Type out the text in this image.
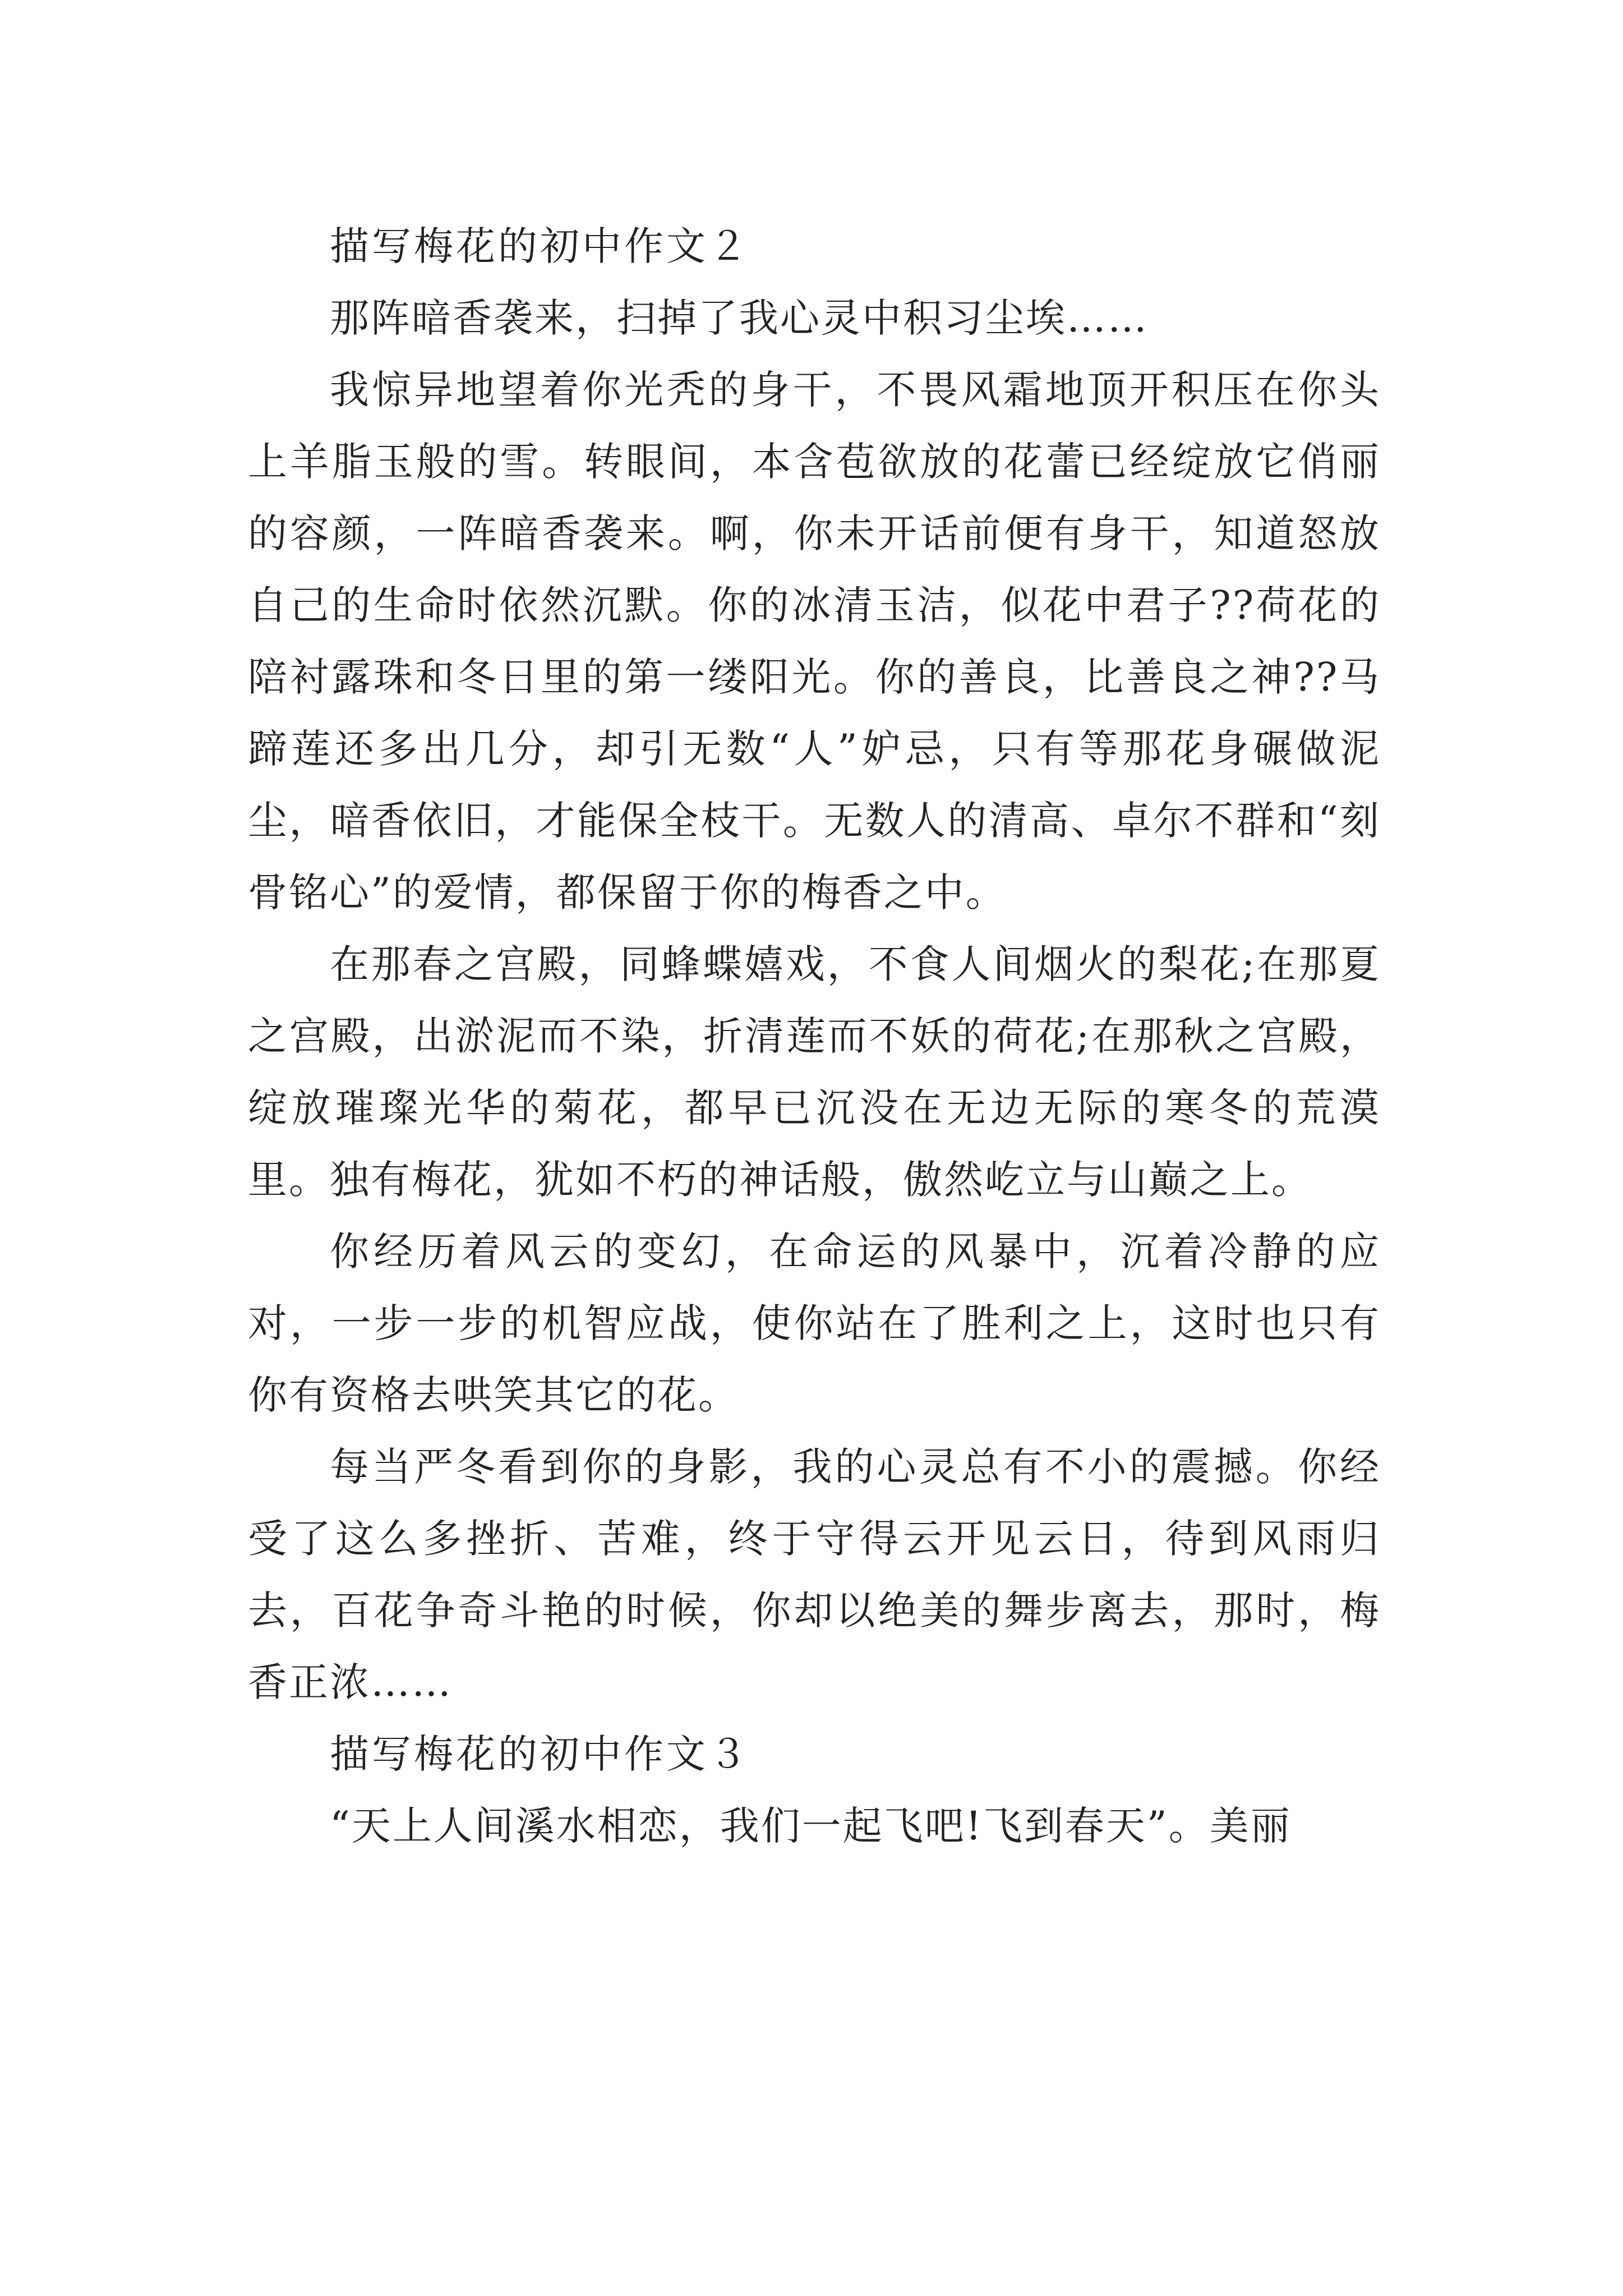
描写梅花的初中作文２

那阵暗香袭来，扫掉了我心灵中积习尘埃……

我惊异地望着你光秃的身干，不畏风霜地顶开积压在你头上羊脂玉般的雪。转眼间，本含苞欲放的花蕾已经绽放它俏丽的容颜，一阵暗香袭来。啊，你未开话前便有身干，知道怒放自己的生命时依然沉默。你的冰清玉洁，似花中君子??荷花的陪衬露珠和冬日里的第一缕阳光。你的善良，比善良之神??马蹄莲还多出几分，却引无数“人”妒忌，只有等那花身碾做泥尘，暗香依旧，才能保全枝干。无数人的清高、卓尔不群和“刻骨铭心”的爱情，都保留于你的梅香之中。

在那春之宫殿，同蜂蝶嬉戏，不食人间烟火的梨花;在那夏之宫殿，出淤泥而不染，折清莲而不妖的荷花;在那秋之宫殿，绽放璀璨光华的菊花，都早已沉没在无边无际的寒冬的荒漠里。独有梅花，犹如不朽的神话般，傲然屹立与山巅之上。

你经历着风云的变幻，在命运的风暴中，沉着冷静的应对，一步一步的机智应战，使你站在了胜利之上，这时也只有你有资格去哄笑其它的花。

每当严冬看到你的身影，我的心灵总有不小的震撼。你经受了这么多挫折、苦难，终于守得云开见云日，待到风雨归去，百花争奇斗艳的时候，你却以绝美的舞步离去，那时，梅香正浓……

描写梅花的初中作文３

“天上人间溪水相恋，我们一起飞吧!飞到春天”。美丽
